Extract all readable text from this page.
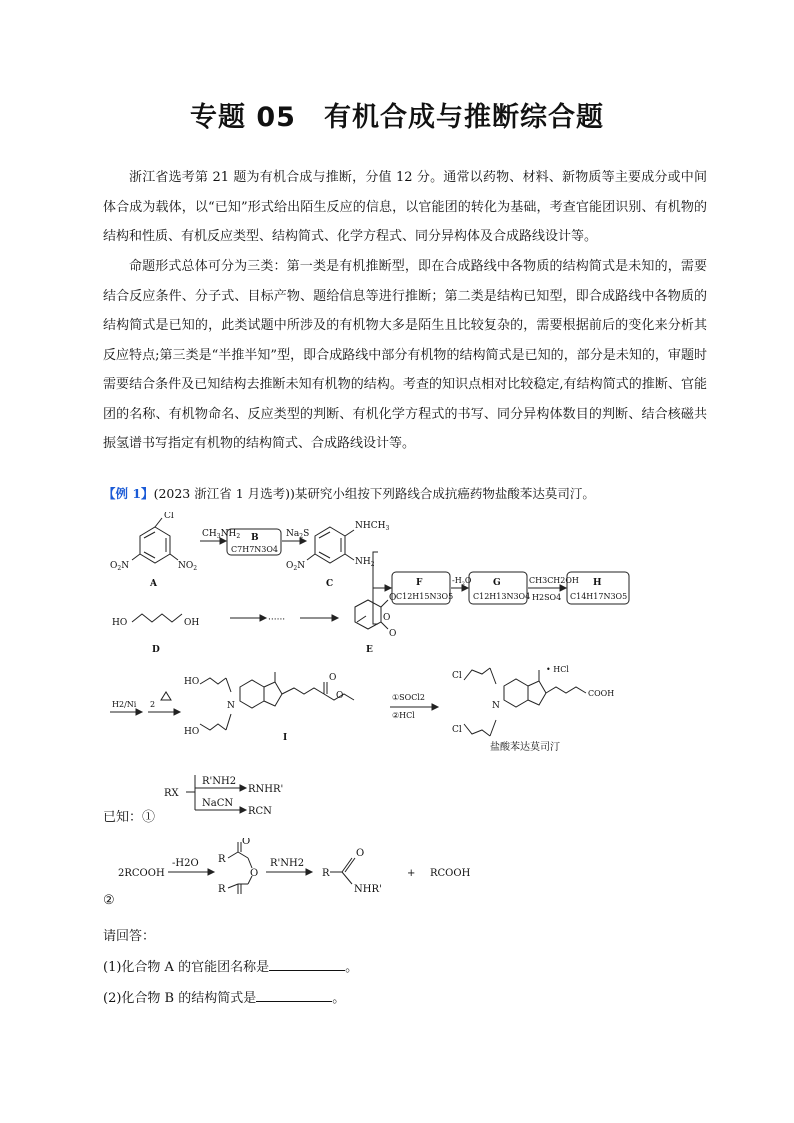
专题 05　有机合成与推断综合题
浙江省选考第 21 题为有机合成与推断，分值 12 分。通常以药物、材料、新物质等主要成分或中间体合成为载体，以“已知”形式给出陌生反应的信息，以官能团的转化为基础，考查官能团识别、有机物的结构和性质、有机反应类型、结构简式、化学方程式、同分异构体及合成路线设计等。
命题形式总体可分为三类：第一类是有机推断型，即在合成路线中各物质的结构简式是未知的，需要结合反应条件、分子式、目标产物、题给信息等进行推断；第二类是结构已知型，即合成路线中各物质的结构简式是已知的，此类试题中所涉及的有机物大多是陌生且比较复杂的，需要根据前后的变化来分析其反应特点;第三类是“半推半知”型，即合成路线中部分有机物的结构简式是已知的，部分是未知的，审题时需要结合条件及已知结构去推断未知有机物的结构。考查的知识点相对比较稳定,有结构简式的推断、官能团的名称、有机物命名、反应类型的判断、有机化学方程式的书写、同分异构体数目的判断、结合核磁共振氢谱书写指定有机物的结构简式、合成路线设计等。
【例 1】(2023 浙江省 1 月选考))某研究小组按下列路线合成抗癌药物盐酸苯达莫司汀。
Cl
$NO_2$
$O_2N$
A
$CH_3NH_2$ B
C7H7N3O4
$Na_2S$
$NHCH_3$
$NH_2$
$O_2N$
C	F
C12H15N3O5
$-H_2O$ G
C12H13N3O4
CH3CH2OH
H2SO4
H
C14H17N3O5
HO	OH
D
······
O
O
O
E
H2/Ni 2
HO
HO
N
O
O
I
①SOCl2
②HCl
Cl
Cl
N
• HCl
COOH
盐酸苯达莫司汀
RX
R'NH2
RNHR'
NaCN
RCN
已知：①
2RCOOH
-H2O R
O
O
R
R'NH2
R
O
NHR'
+ RCOOH
②
请回答：
(1)化合物 A 的官能团名称是	。
(2)化合物 B 的结构简式是	。
